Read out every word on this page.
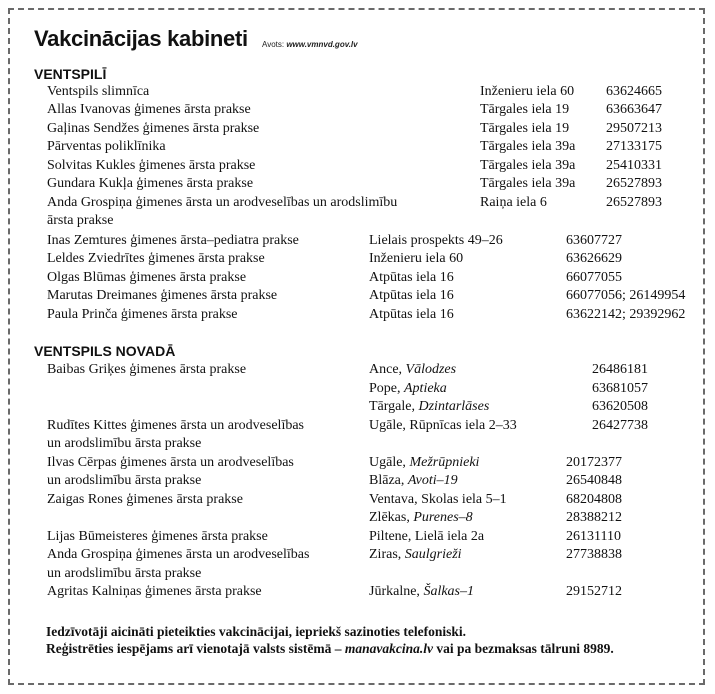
Vakcinācijas kabineti Avots: www.vmnvd.gov.lv
VENTSPILĪ
Ventspils slimnīca	Inženieru iela 60 63624665
Allas Ivanovas ģimenes ārsta prakse	Tārgales iela 19	63663647
Gaļinas Sendžes ģimenes ārsta prakse	Tārgales iela 19	29507213
Pārventas poliklīnika	Tārgales iela 39a 27133175
Solvitas Kukles ģimenes ārsta prakse	Tārgales iela 39a 25410331
Gundara Kukļa ģimenes ārsta prakse	Tārgales iela 39a 26527893
Anda Grospiņa ģimenes ārsta un arodveselības un arodslimību
ārsta prakse
Raiņa iela 6	26527893
Inas Zemtures ģimenes ārsta–pediatra prakse	Lielais prospekts 49–26	63607727
Leldes Zviedrītes ģimenes ārsta prakse	Inženieru iela 60	63626629
Olgas Blūmas ģimenes ārsta prakse	Atpūtas iela 16	66077055
Marutas Dreimanes ģimenes ārsta prakse	Atpūtas iela 16	66077056; 26149954
Paula Prinča ģimenes ārsta prakse	Atpūtas iela 16	63622142; 29392962
VENTSPILS NOVADĀ
Baibas Griķes ģimenes ārsta prakse	Ance, Vālodzes	26486181
Pope, Aptieka	63681057
Tārgale, Dzintarlāses	63620508
Rudītes Kittes ģimenes ārsta un arodveselības	Ugāle, Rūpnīcas iela 2–33	26427738
un arodslimību ārsta prakse
Ilvas Cērpas ģimenes ārsta un arodveselības	Ugāle, Mežrūpnieki	20172377
un arodslimību ārsta prakse	Blāza, Avoti–19	26540848
Zaigas Rones ģimenes ārsta prakse	Ventava, Skolas iela 5–1	68204808
Zlēkas, Purenes–8	28388212
Lijas Būmeisteres ģimenes ārsta prakse	Piltene, Lielā iela 2a	26131110
Anda Grospiņa ģimenes ārsta un arodveselības	Ziras, Saulgrieži	27738838
un arodslimību ārsta prakse
Agritas Kalniņas ģimenes ārsta prakse	Jūrkalne, Šalkas–1	29152712
Iedzīvotāji aicināti pieteikties vakcinācijai, iepriekš sazinoties telefoniski.
Reģistrēties iespējams arī vienotajā valsts sistēmā – manavakcina.lv vai pa bezmaksas tālruni 8989.
